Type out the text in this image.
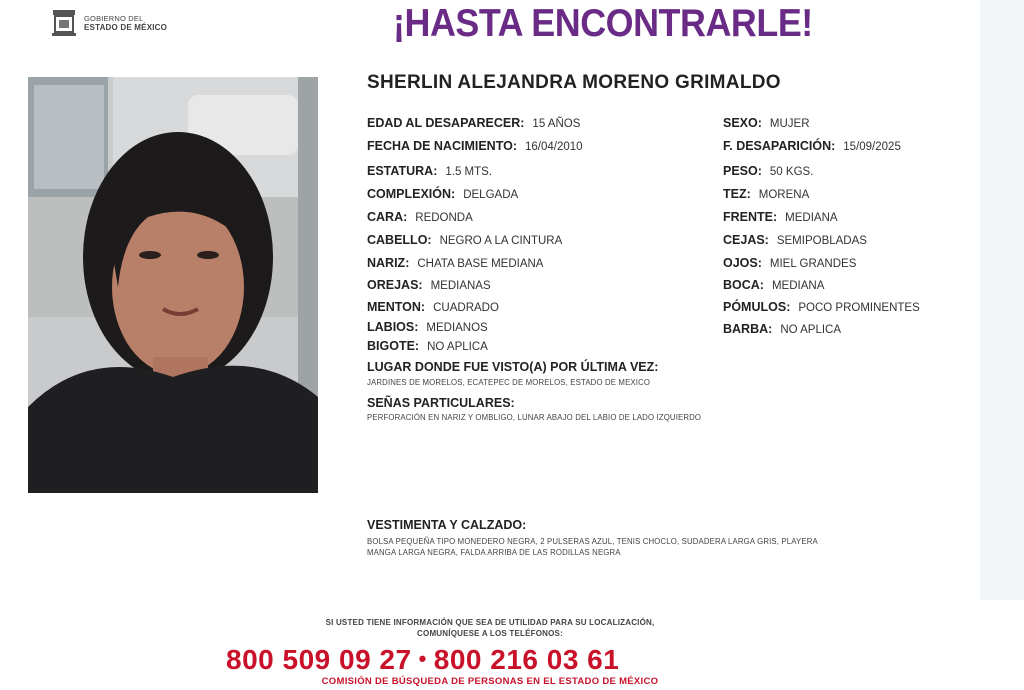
GOBIERNO DEL
ESTADO DE MÉXICO	¡HASTA ENCONTRARLE!
SHERLIN ALEJANDRA MORENO GRIMALDO
EDAD AL DESAPARECER: 15 AÑOS
FECHA DE NACIMIENTO: 16/04/2010
ESTATURA: 1.5 MTS.
COMPLEXIÓN: DELGADA
CARA: REDONDA
CABELLO: NEGRO A LA CINTURA
NARIZ: CHATA BASE MEDIANA
OREJAS: MEDIANAS
MENTON: CUADRADO
LABIOS: MEDIANOS
BIGOTE: NO APLICA
SEXO: MUJER
F. DESAPARICIÓN: 15/09/2025
PESO: 50 KGS.
TEZ: MORENA
FRENTE: MEDIANA
CEJAS: SEMIPOBLADAS
OJOS: MIEL GRANDES
BOCA: MEDIANA
PÓMULOS: POCO PROMINENTES
BARBA: NO APLICA
LUGAR DONDE FUE VISTO(A) POR ÚLTIMA VEZ:
JARDINES DE MORELOS, ECATEPEC DE MORELOS, ESTADO DE MEXICO
SEÑAS PARTICULARES:
PERFORACIÓN EN NARIZ Y OMBLIGO, LUNAR ABAJO DEL LABIO DE LADO IZQUIERDO
VESTIMENTA Y CALZADO:
BOLSA PEQUEÑA TIPO MONEDERO NEGRA, 2 PULSERAS AZUL, TENIS CHOCLO, SUDADERA LARGA GRIS, PLAYERA
MANGA LARGA NEGRA, FALDA ARRIBA DE LAS RODILLAS NEGRA
SI USTED TIENE INFORMACIÓN QUE SEA DE UTILIDAD PARA SU LOCALIZACIÓN,
COMUNÍQUESE A LOS TELÉFONOS:
800 509 09 27 • 800 216 03 61
COMISIÓN DE BÚSQUEDA DE PERSONAS EN EL ESTADO DE MÉXICO
